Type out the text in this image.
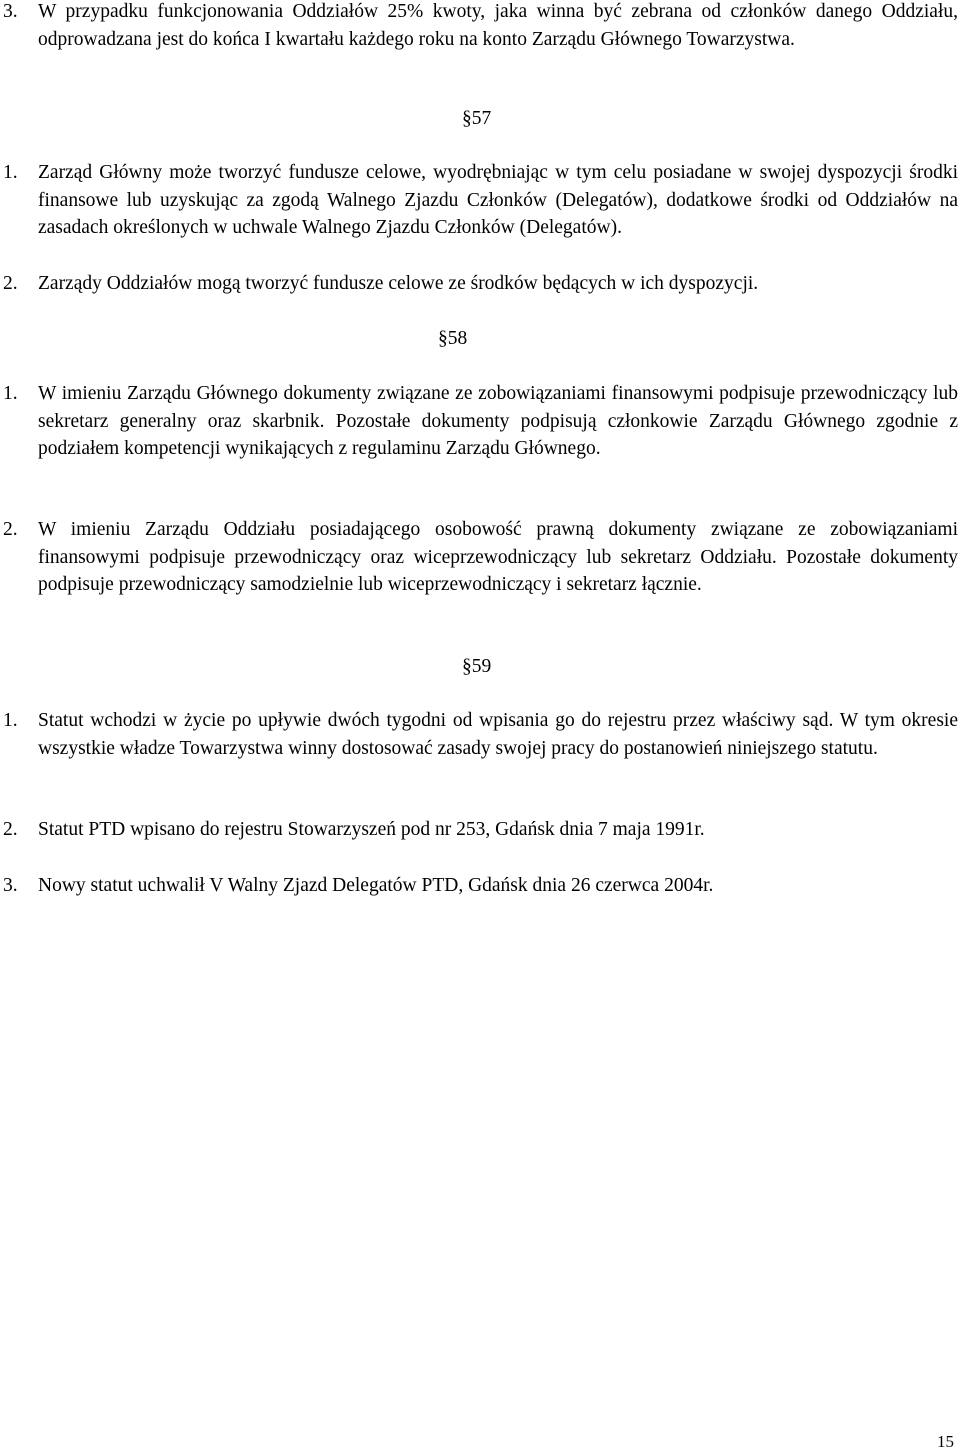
3. W przypadku funkcjonowania Oddziałów 25% kwoty, jaka winna być zebrana od członków danego Oddziału, odprowadzana jest do końca I kwartału każdego roku na konto Zarządu Głównego Towarzystwa.
§57
1. Zarząd Główny może tworzyć fundusze celowe, wyodrębniając w tym celu posiadane w swojej dyspozycji środki finansowe lub uzyskując za zgodą Walnego Zjazdu Członków (Delegatów), dodatkowe środki od Oddziałów na zasadach określonych w uchwale Walnego Zjazdu Członków (Delegatów).
2. Zarządy Oddziałów mogą tworzyć fundusze celowe ze środków będących w ich dyspozycji.
§58
1. W imieniu Zarządu Głównego dokumenty związane ze zobowiązaniami finansowymi podpisuje przewodniczący lub sekretarz generalny oraz skarbnik. Pozostałe dokumenty podpisują członkowie Zarządu Głównego zgodnie z podziałem kompetencji wynikających z regulaminu Zarządu Głównego.
2. W imieniu Zarządu Oddziału posiadającego osobowość prawną dokumenty związane ze zobowiązaniami finansowymi podpisuje przewodniczący oraz wiceprzewodniczący lub sekretarz Oddziału. Pozostałe dokumenty podpisuje przewodniczący samodzielnie lub wiceprzewodniczący i sekretarz łącznie.
§59
1. Statut wchodzi w życie po upływie dwóch tygodni od wpisania go do rejestru przez właściwy sąd. W tym okresie wszystkie władze Towarzystwa winny dostosować zasady swojej pracy do postanowień niniejszego statutu.
2. Statut PTD wpisano do rejestru Stowarzyszeń pod nr 253, Gdańsk dnia 7 maja 1991r.
3. Nowy statut uchwalił V Walny Zjazd Delegatów PTD, Gdańsk dnia 26 czerwca 2004r.
15
